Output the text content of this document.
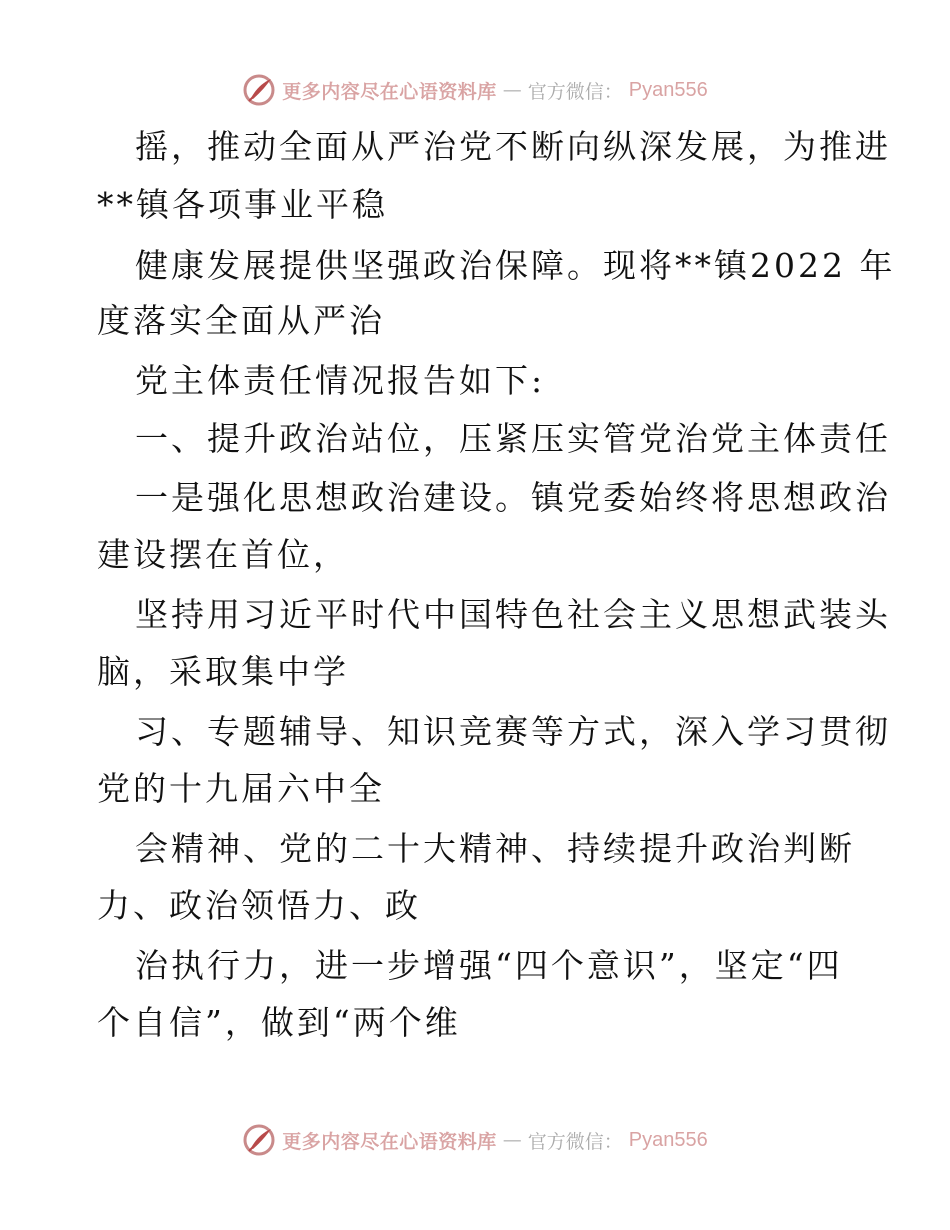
更多内容尽在心语资料库 — 官方微信： Pyan556
摇，推动全面从严治党不断向纵深发展，为推进
**镇各项事业平稳
健康发展提供坚强政治保障。现将**镇2022 年
度落实全面从严治
党主体责任情况报告如下:
一、提升政治站位，压紧压实管党治党主体责任
一是强化思想政治建设。镇党委始终将思想政治
建设摆在首位，
坚持用习近平时代中国特色社会主义思想武装头
脑，采取集中学
习、专题辅导、知识竞赛等方式，深入学习贯彻
党的十九届六中全
会精神、党的二十大精神、持续提升政治判断
力、政治领悟力、政
治执行力，进一步增强“四个意识”，坚定“四
个自信”，做到“两个维
更多内容尽在心语资料库 — 官方微信： Pyan556
